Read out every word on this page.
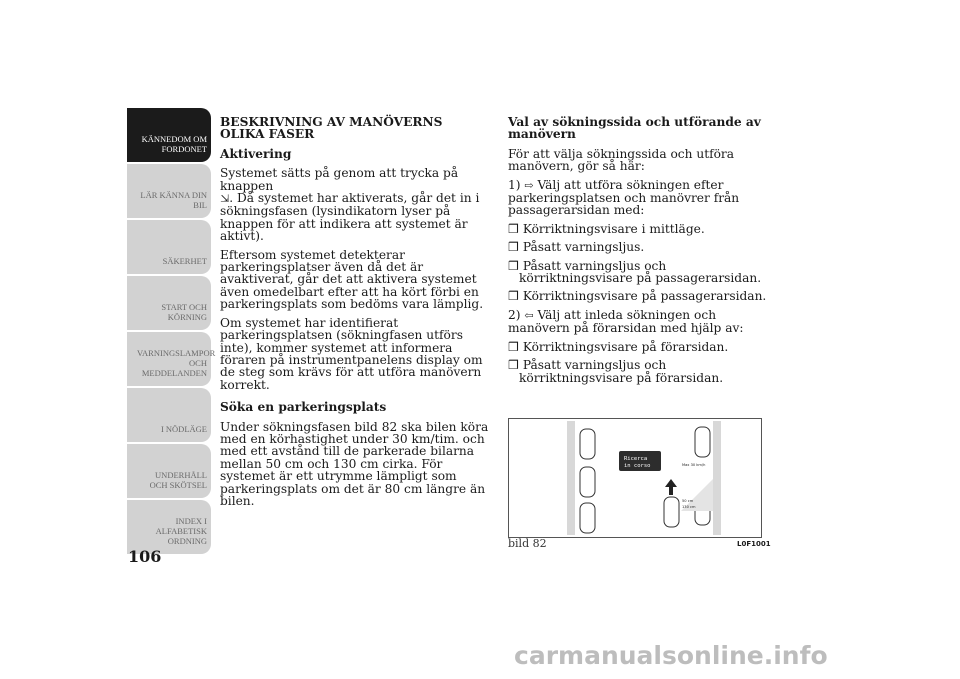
KÄNNEDOM OM FORDONET
LÄR KÄNNA DIN BIL
SÄKERHET
START OCH KÖRNING
VARNINGSLAMPOR OCH MEDDELANDEN
I NÖDLÄGE
UNDERHÅLL OCH SKÖTSEL
INDEX I ALFABETISK ORDNING
106
BESKRIVNING AV MANÖVERNS OLIKA FASER
Aktivering

Systemet sätts på genom att trycka på knappen
⇲. Då systemet har aktiverats, går det in i sökningsfasen (lysindikatorn lyser på knappen för att indikera att systemet är aktivt).

Eftersom systemet detekterar parkeringsplatser även då det är avaktiverat, går det att aktivera systemet även omedelbart efter att ha kört förbi en parkeringsplats som bedöms vara lämplig.

Om systemet har identifierat parkeringsplatsen (sökningfasen utförs inte), kommer systemet att informera föraren på instrumentpanelens display om de steg som krävs för att utföra manövern korrekt.

Söka en parkeringsplats

Under sökningsfasen bild 82 ska bilen köra med en körhastighet under 30 km/tim. och med ett avstånd till de parkerade bilarna mellan 50 cm och 130 cm cirka. För systemet är ett utrymme lämpligt som parkeringsplats om det är 80 cm längre än bilen.

Val av sökningssida och utförande av manövern

För att välja sökningssida och utföra manövern, gör så här:

1) ⇨ Välj att utföra sökningen efter parkeringsplatsen och manövrer från passagerarsidan med:

❒ Körriktningsvisare i mittläge.
❒ Påsatt varningsljus.
❒ Påsatt varningsljus och körriktningsvisare på passagerarsidan.
❒ Körriktningsvisare på passagerarsidan.

2) ⇦ Välj att inleda sökningen och manövern på förarsidan med hjälp av:

❒ Körriktningsvisare på förarsidan.
❒ Påsatt varningsljus och körriktningsvisare på förarsidan.
Ricerca
in corso	Max 30 km/h
50 cm
130 cm
bild 82	L0F1001
carmanualsonline.info
